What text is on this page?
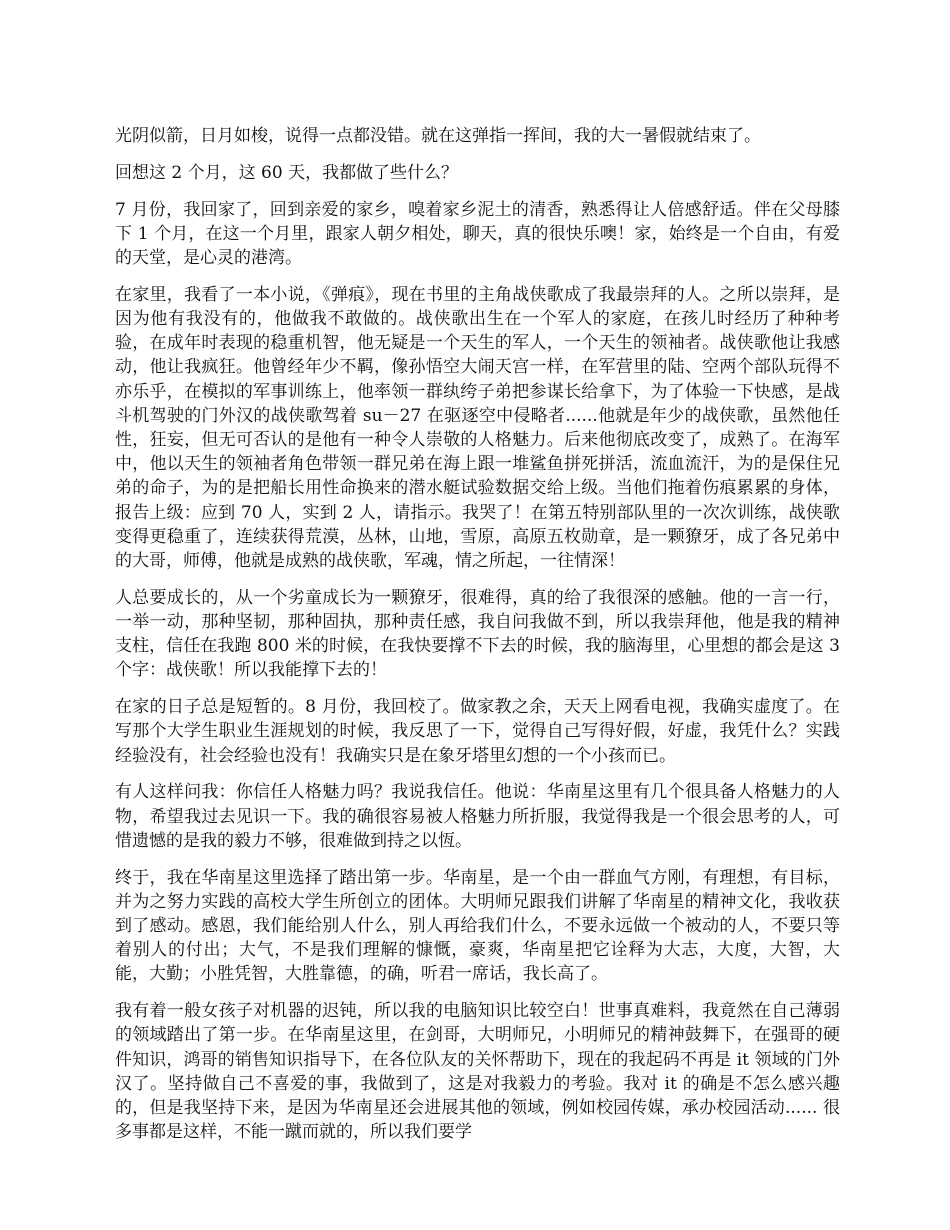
光阴似箭，日月如梭，说得一点都没错。就在这弹指一挥间，我的大一暑假就结束了。

回想这 2 个月，这 60 天，我都做了些什么？

7 月份，我回家了，回到亲爱的家乡，嗅着家乡泥土的清香，熟悉得让人倍感舒适。伴在父母膝下 1 个月，在这一个月里，跟家人朝夕相处，聊天，真的很快乐噢！家，始终是一个自由，有爱的天堂，是心灵的港湾。

在家里，我看了一本小说，《弹痕》，现在书里的主角战侠歌成了我最崇拜的人。之所以崇拜，是因为他有我没有的，他做我不敢做的。战侠歌出生在一个军人的家庭，在孩儿时经历了种种考验，在成年时表现的稳重机智，他无疑是一个天生的军人，一个天生的领袖者。战侠歌他让我感动，他让我疯狂。他曾经年少不羁，像孙悟空大闹天宫一样，在军营里的陆、空两个部队玩得不亦乐乎，在模拟的军事训练上，他率领一群纨绔子弟把参谋长给拿下，为了体验一下快感，是战斗机驾驶的门外汉的战侠歌驾着 su－27 在驱逐空中侵略者......他就是年少的战侠歌，虽然他任性，狂妄，但无可否认的是他有一种令人崇敬的人格魅力。后来他彻底改变了，成熟了。在海军中，他以天生的领袖者角色带领一群兄弟在海上跟一堆鲨鱼拼死拼活，流血流汗，为的是保住兄弟的命子，为的是把船长用性命换来的潜水艇试验数据交给上级。当他们拖着伤痕累累的身体，报告上级：应到 70 人，实到 2 人，请指示。我哭了！在第五特别部队里的一次次训练，战侠歌变得更稳重了，连续获得荒漠，丛林，山地，雪原，高原五枚勋章，是一颗獠牙，成了各兄弟中的大哥，师傅，他就是成熟的战侠歌，军魂，情之所起，一往情深！

人总要成长的，从一个劣童成长为一颗獠牙，很难得，真的给了我很深的感触。他的一言一行，一举一动，那种坚韧，那种固执，那种责任感，我自问我做不到，所以我崇拜他，他是我的精神支柱，信任在我跑 800 米的时候，在我快要撑不下去的时候，我的脑海里，心里想的都会是这 3 个字：战侠歌！所以我能撑下去的！

在家的日子总是短暂的。8 月份，我回校了。做家教之余，天天上网看电视，我确实虚度了。在写那个大学生职业生涯规划的时候，我反思了一下，觉得自己写得好假，好虚，我凭什么？实践经验没有，社会经验也没有！我确实只是在象牙塔里幻想的一个小孩而已。

有人这样问我：你信任人格魅力吗？我说我信任。他说：华南星这里有几个很具备人格魅力的人物，希望我过去见识一下。我的确很容易被人格魅力所折服，我觉得我是一个很会思考的人，可惜遗憾的是我的毅力不够，很难做到持之以恆。

终于，我在华南星这里选择了踏出第一步。华南星，是一个由一群血气方刚，有理想，有目标，并为之努力实践的高校大学生所创立的团体。大明师兄跟我们讲解了华南星的精神文化，我收获到了感动。感恩，我们能给别人什么，别人再给我们什么，不要永远做一个被动的人，不要只等着别人的付出；大气，不是我们理解的慷慨，豪爽，华南星把它诠释为大志，大度，大智，大能，大勤；小胜凭智，大胜靠德，的确，听君一席话，我长高了。

我有着一般女孩子对机器的迟钝，所以我的电脑知识比较空白！世事真难料，我竟然在自己薄弱的领域踏出了第一步。在华南星这里，在剑哥，大明师兄，小明师兄的精神鼓舞下，在强哥的硬件知识，鸿哥的销售知识指导下，在各位队友的关怀帮助下，现在的我起码不再是 it 领域的门外汉了。坚持做自己不喜爱的事，我做到了，这是对我毅力的考验。我对 it 的确是不怎么感兴趣的，但是我坚持下来，是因为华南星还会进展其他的领域，例如校园传媒，承办校园活动...... 很多事都是这样，不能一蹴而就的，所以我们要学
